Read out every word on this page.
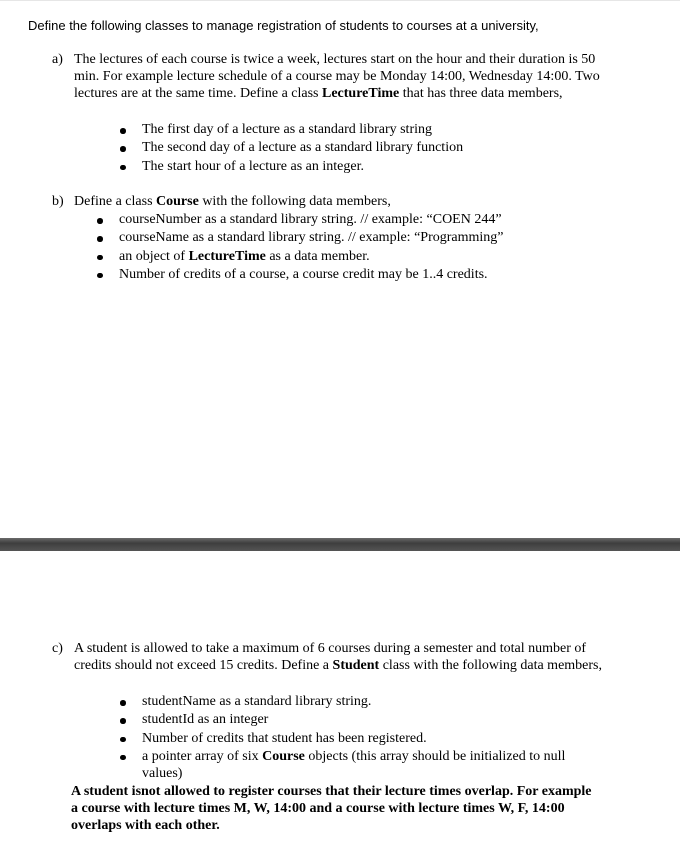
Define the following classes to manage registration of students to courses at a university,

a) The lectures of each course is twice a week, lectures start on the hour and their duration is 50 min. For example lecture schedule of a course may be Monday 14:00, Wednesday 14:00. Two lectures are at the same time. Define a class LectureTime that has three data members,

The first day of a lecture as a standard library string
The second day of a lecture as a standard library function
The start hour of a lecture as an integer.
b) Define a class Course with the following data members,

courseNumber as a standard library string. // example: “COEN 244”
courseName as a standard library string. // example: “Programming”
an object of LectureTime as a data member.
Number of credits of a course, a course credit may be 1..4 credits.
c) A student is allowed to take a maximum of 6 courses during a semester and total number of credits should not exceed 15 credits. Define a Student class with the following data members,

studentName as a standard library string.
studentId as an integer
Number of credits that student has been registered.
a pointer array of six Course objects (this array should be initialized to null
values)

A student isnot allowed to register courses that their lecture times overlap. For example a course with lecture times M, W, 14:00 and a course with lecture times W, F, 14:00 overlaps with each other.
